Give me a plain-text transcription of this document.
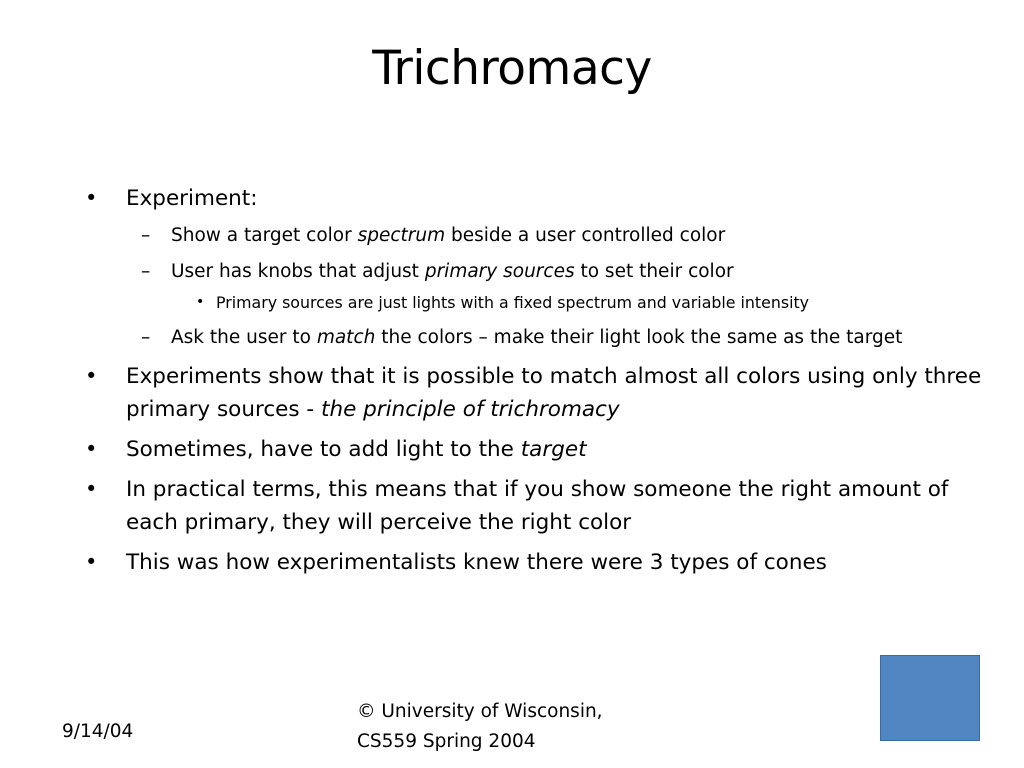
Trichromacy
• Experiment:
– Show a target color spectrum beside a user controlled color
– User has knobs that adjust primary sources to set their color
• Primary sources are just lights with a fixed spectrum and variable intensity
– Ask the user to match the colors – make their light look the same as the target
• Experiments show that it is possible to match almost all colors using only three primary sources - the principle of trichromacy
• Sometimes, have to add light to the target
• In practical terms, this means that if you show someone the right amount of each primary, they will perceive the right color
• This was how experimentalists knew there were 3 types of cones
9/14/04
© University of Wisconsin,
CS559 Spring 2004
